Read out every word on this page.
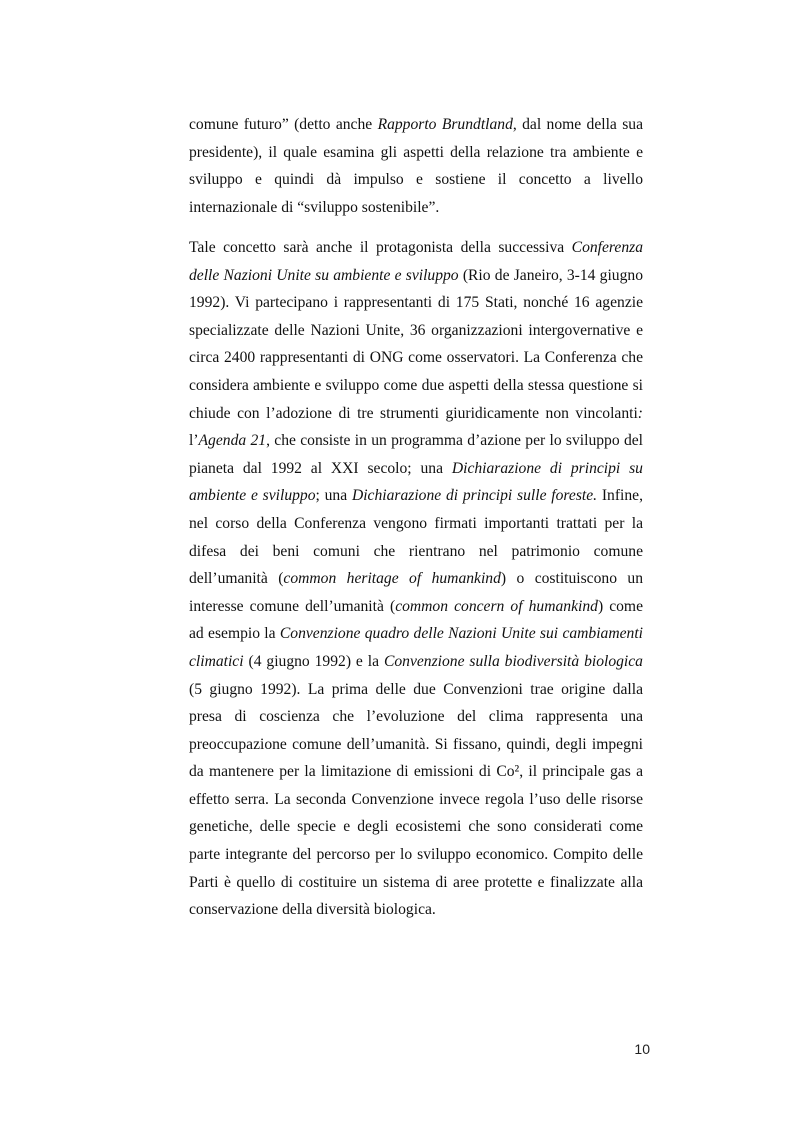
comune futuro” (detto anche Rapporto Brundtland, dal nome della sua presidente), il quale esamina gli aspetti della relazione tra ambiente e sviluppo e quindi dà impulso e sostiene il concetto a livello internazionale di “sviluppo sostenibile”.

Tale concetto sarà anche il protagonista della successiva Conferenza delle Nazioni Unite su ambiente e sviluppo (Rio de Janeiro, 3-14 giugno 1992). Vi partecipano i rappresentanti di 175 Stati, nonché 16 agenzie specializzate delle Nazioni Unite, 36 organizzazioni intergovernative e circa 2400 rappresentanti di ONG come osservatori. La Conferenza che considera ambiente e sviluppo come due aspetti della stessa questione si chiude con l’adozione di tre strumenti giuridicamente non vincolanti: l’Agenda 21, che consiste in un programma d’azione per lo sviluppo del pianeta dal 1992 al XXI secolo; una Dichiarazione di principi su ambiente e sviluppo; una Dichiarazione di principi sulle foreste. Infine, nel corso della Conferenza vengono firmati importanti trattati per la difesa dei beni comuni che rientrano nel patrimonio comune dell’umanità (common heritage of humankind) o costituiscono un interesse comune dell’umanità (common concern of humankind) come ad esempio la Convenzione quadro delle Nazioni Unite sui cambiamenti climatici (4 giugno 1992) e la Convenzione sulla biodiversità biologica (5 giugno 1992). La prima delle due Convenzioni trae origine dalla presa di coscienza che l’evoluzione del clima rappresenta una preoccupazione comune dell’umanità. Si fissano, quindi, degli impegni da mantenere per la limitazione di emissioni di Co², il principale gas a effetto serra. La seconda Convenzione invece regola l’uso delle risorse genetiche, delle specie e degli ecosistemi che sono considerati come parte integrante del percorso per lo sviluppo economico. Compito delle Parti è quello di costituire un sistema di aree protette e finalizzate alla conservazione della diversità biologica.

10
